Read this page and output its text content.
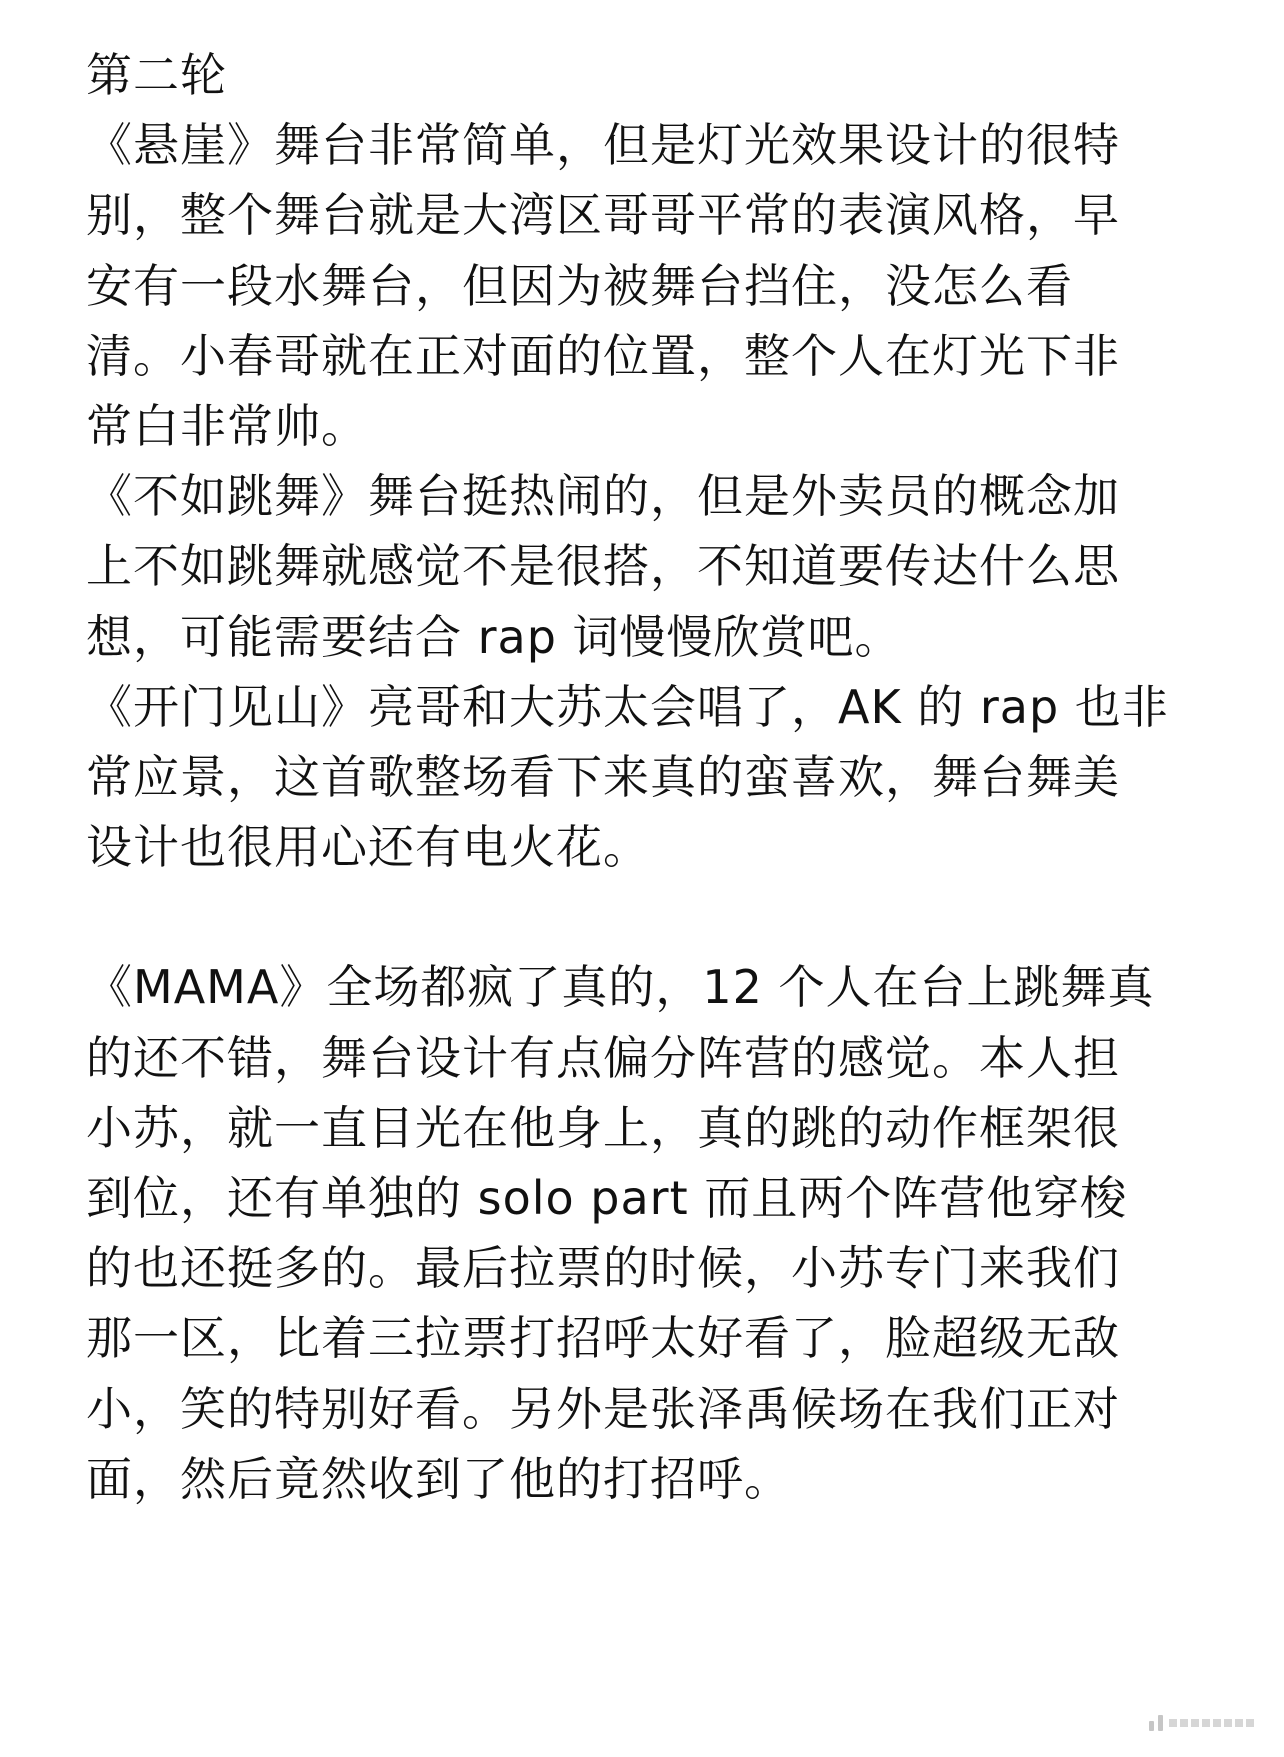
第二轮
《悬崖》舞台非常简单，但是灯光效果设计的很特
别，整个舞台就是大湾区哥哥平常的表演风格，早
安有一段水舞台，但因为被舞台挡住，没怎么看
清。小春哥就在正对面的位置，整个人在灯光下非
常白非常帅。
《不如跳舞》舞台挺热闹的，但是外卖员的概念加
上不如跳舞就感觉不是很搭，不知道要传达什么思
想，可能需要结合 rap 词慢慢欣赏吧。
《开门见山》亮哥和大苏太会唱了，AK 的 rap 也非
常应景，这首歌整场看下来真的蛮喜欢，舞台舞美
设计也很用心还有电火花。
《MAMA》全场都疯了真的，12 个人在台上跳舞真
的还不错，舞台设计有点偏分阵营的感觉。本人担
小苏，就一直目光在他身上，真的跳的动作框架很
到位，还有单独的 solo part 而且两个阵营他穿梭
的也还挺多的。最后拉票的时候，小苏专门来我们
那一区，比着三拉票打招呼太好看了，脸超级无敌
小，笑的特别好看。另外是张泽禹候场在我们正对
面，然后竟然收到了他的打招呼。
